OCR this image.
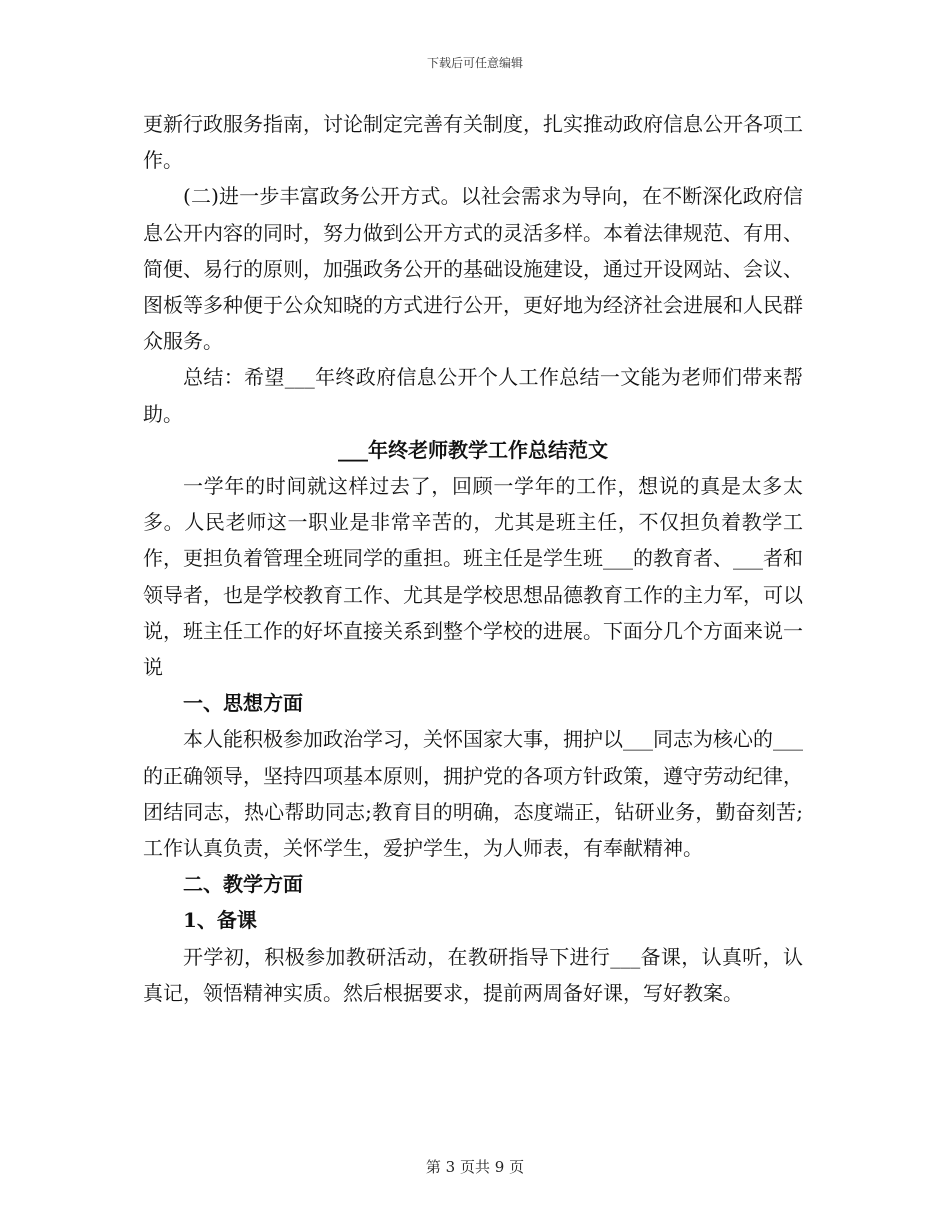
下载后可任意编辑

更新行政服务指南，讨论制定完善有关制度，扎实推动政府信息公开各项工作。

(二)进一步丰富政务公开方式。以社会需求为导向，在不断深化政府信息公开内容的同时，努力做到公开方式的灵活多样。本着法律规范、有用、简便、易行的原则，加强政务公开的基础设施建设，通过开设网站、会议、图板等多种便于公众知晓的方式进行公开，更好地为经济社会进展和人民群众服务。

总结：希望___年终政府信息公开个人工作总结一文能为老师们带来帮助。

___年终老师教学工作总结范文

一学年的时间就这样过去了，回顾一学年的工作，想说的真是太多太多。人民老师这一职业是非常辛苦的，尤其是班主任，不仅担负着教学工作，更担负着管理全班同学的重担。班主任是学生班___的教育者、___者和领导者，也是学校教育工作、尤其是学校思想品德教育工作的主力军，可以说，班主任工作的好坏直接关系到整个学校的进展。下面分几个方面来说一说

一、思想方面

本人能积极参加政治学习，关怀国家大事，拥护以___同志为核心的___的正确领导，坚持四项基本原则，拥护党的各项方针政策，遵守劳动纪律，团结同志，热心帮助同志;教育目的明确，态度端正，钻研业务，勤奋刻苦;工作认真负责，关怀学生，爱护学生，为人师表，有奉献精神。

二、教学方面

1、备课

开学初，积极参加教研活动，在教研指导下进行___备课，认真听，认真记，领悟精神实质。然后根据要求，提前两周备好课，写好教案。

第 3 页共 9 页
